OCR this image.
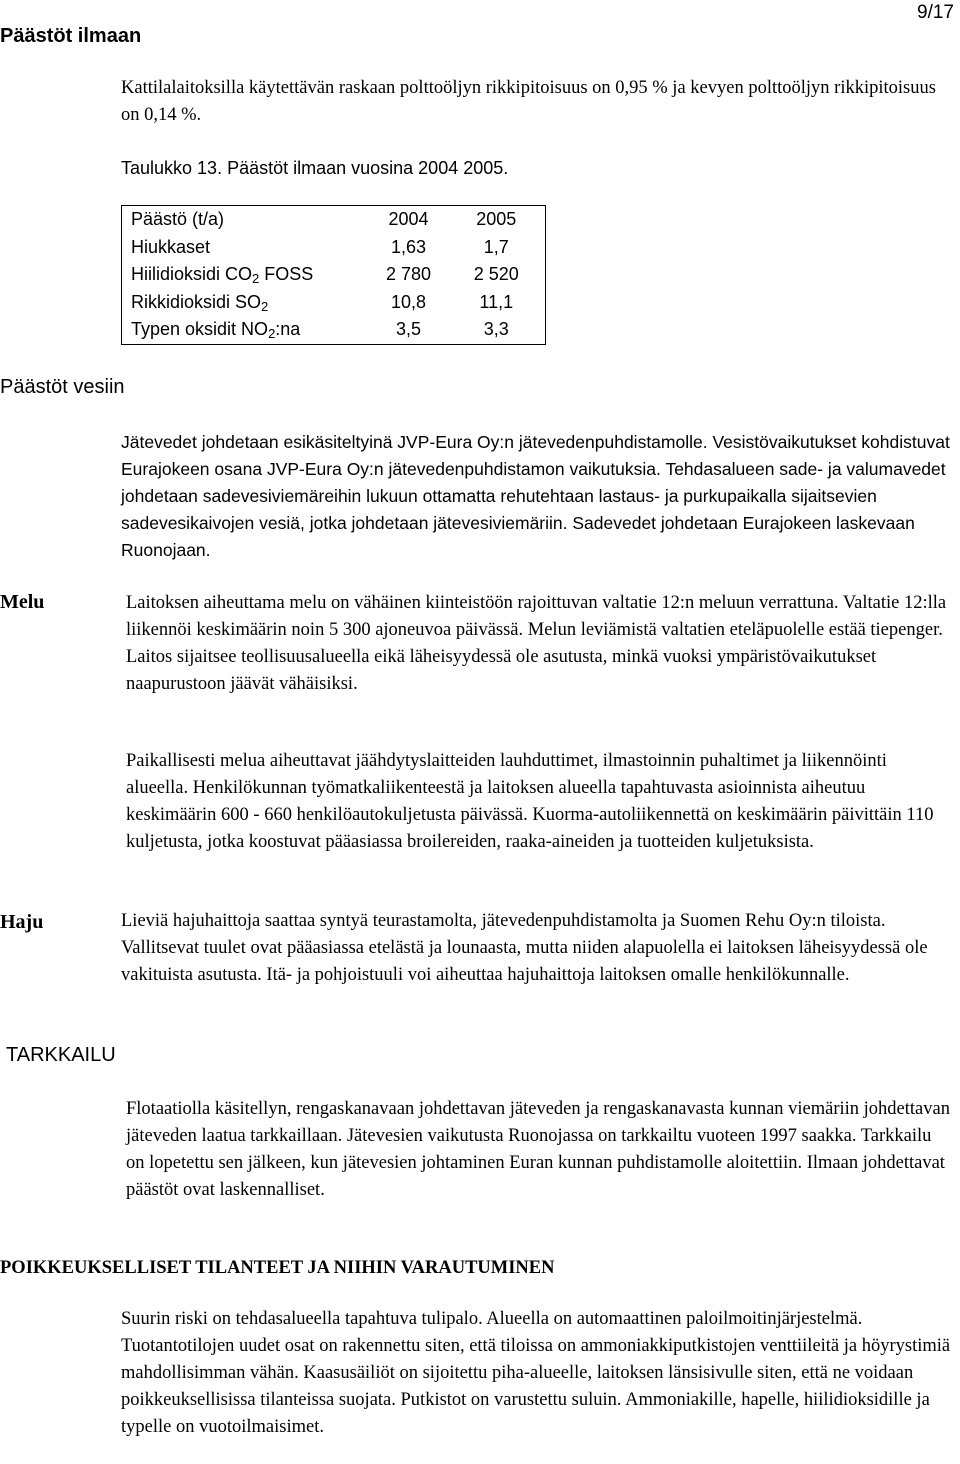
9/17
Päästöt ilmaan

Kattilalaitoksilla käytettävän raskaan polttoöljyn rikkipitoisuus on 0,95 % ja kevyen polttoöljyn rikkipitoisuus on 0,14 %.

Taulukko 13. Päästöt ilmaan vuosina 2004 2005.
Päästö (t/a)	2004	2005
Hiukkaset	1,63	1,7
Hiilidioksidi $CO_2$ FOSS	2 780	2 520
Rikkidioksidi $SO_2$	10,8	11,1
Typen oksidit $NO_2:na$	3,5	3,3
Päästöt vesiin

Jätevedet johdetaan esikäsiteltyinä JVP-Eura Oy:n jätevedenpuhdistamolle. Vesistövaikutukset kohdistuvat Eurajokeen osana JVP-Eura Oy:n jätevedenpuhdistamon vaikutuksia. Tehdasalueen sade- ja valumavedet johdetaan sadevesiviemäreihin lukuun ottamatta rehutehtaan lastaus- ja purkupaikalla sijaitsevien sadevesikaivojen vesiä, jotka johdetaan jätevesiviemäriin. Sadevedet johdetaan Eurajokeen laskevaan Ruonojaan.

Melu	Laitoksen aiheuttama melu on vähäinen kiinteistöön rajoittuvan valtatie 12:n meluun verrattuna. Valtatie 12:lla liikennöi keskimäärin noin 5 300 ajoneuvoa päivässä. Melun leviämistä valtatien eteläpuolelle estää tiepenger. Laitos sijaitsee teollisuusalueella eikä läheisyydessä ole asutusta, minkä vuoksi ympäristövaikutukset naapurustoon jäävät vähäisiksi.

Paikallisesti melua aiheuttavat jäähdytyslaitteiden lauhduttimet, ilmastoinnin puhaltimet ja liikennöinti alueella. Henkilökunnan työmatkaliikenteestä ja laitoksen alueella tapahtuvasta asioinnista aiheutuu keskimäärin 600 - 660 henkilöautokuljetusta päivässä. Kuorma-autoliikennettä on keskimäärin päivittäin 110 kuljetusta, jotka koostuvat pääasiassa broilereiden, raaka-aineiden ja tuotteiden kuljetuksista.

Haju	Lieviä hajuhaittoja saattaa syntyä teurastamolta, jätevedenpuhdistamolta ja Suomen Rehu Oy:n tiloista. Vallitsevat tuulet ovat pääasiassa etelästä ja lounaasta, mutta niiden alapuolella ei laitoksen läheisyydessä ole vakituista asutusta. Itä- ja pohjoistuuli voi aiheuttaa hajuhaittoja laitoksen omalle henkilökunnalle.

TARKKAILU

Flotaatiolla käsitellyn, rengaskanavaan johdettavan jäteveden ja rengaskanavasta kunnan viemäriin johdettavan jäteveden laatua tarkkaillaan. Jätevesien vaikutusta Ruonojassa on tarkkailtu vuoteen 1997 saakka. Tarkkailu on lopetettu sen jälkeen, kun jätevesien johtaminen Euran kunnan puhdistamolle aloitettiin. Ilmaan johdettavat päästöt ovat laskennalliset.

POIKKEUKSELLISET TILANTEET JA NIIHIN VARAUTUMINEN

Suurin riski on tehdasalueella tapahtuva tulipalo. Alueella on automaattinen paloilmoitinjärjestelmä. Tuotantotilojen uudet osat on rakennettu siten, että tiloissa on ammoniakkiputkistojen venttiileitä ja höyrystimiä mahdollisimman vähän. Kaasusäiliöt on sijoitettu piha-alueelle, laitoksen länsisivulle siten, että ne voidaan poikkeuksellisissa tilanteissa suojata. Putkistot on varustettu suluin. Ammoniakille, hapelle, hiilidioksidille ja typelle on vuotoilmaisimet.
